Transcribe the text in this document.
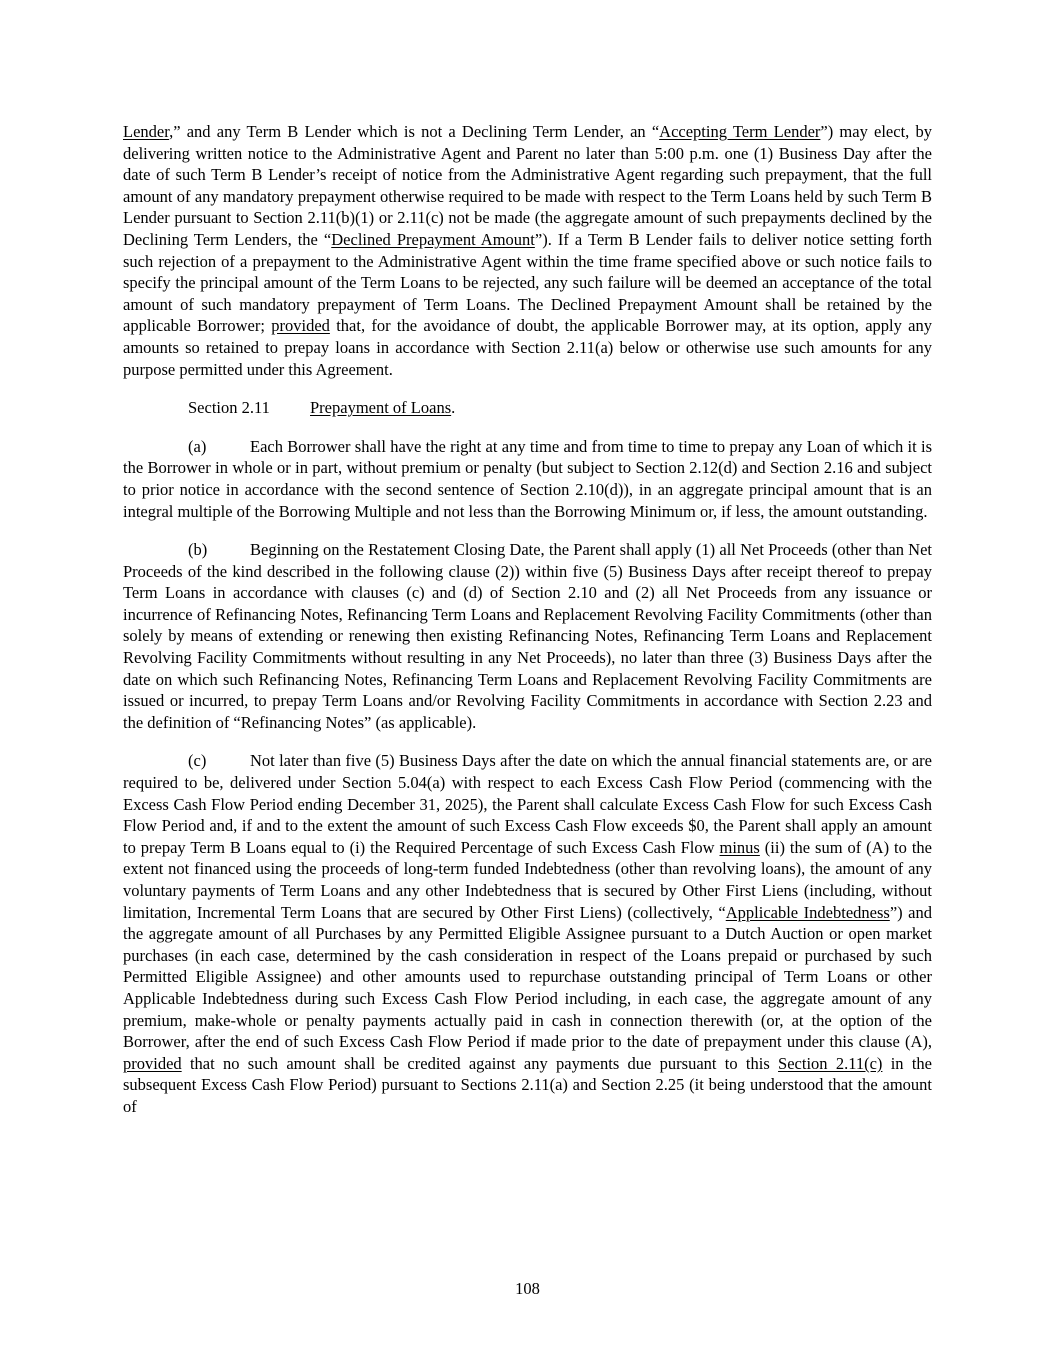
Lender,” and any Term B Lender which is not a Declining Term Lender, an “Accepting Term Lender”) may elect, by delivering written notice to the Administrative Agent and Parent no later than 5:00 p.m. one (1) Business Day after the date of such Term B Lender’s receipt of notice from the Administrative Agent regarding such prepayment, that the full amount of any mandatory prepayment otherwise required to be made with respect to the Term Loans held by such Term B Lender pursuant to Section 2.11(b)(1) or 2.11(c) not be made (the aggregate amount of such prepayments declined by the Declining Term Lenders, the “Declined Prepayment Amount”). If a Term B Lender fails to deliver notice setting forth such rejection of a prepayment to the Administrative Agent within the time frame specified above or such notice fails to specify the principal amount of the Term Loans to be rejected, any such failure will be deemed an acceptance of the total amount of such mandatory prepayment of Term Loans. The Declined Prepayment Amount shall be retained by the applicable Borrower; provided that, for the avoidance of doubt, the applicable Borrower may, at its option, apply any amounts so retained to prepay loans in accordance with Section 2.11(a) below or otherwise use such amounts for any purpose permitted under this Agreement.

Section 2.11 Prepayment of Loans.

(a)	Each Borrower shall have the right at any time and from time to time to prepay any Loan of which it is the Borrower in whole or in part, without premium or penalty (but subject to Section 2.12(d) and Section 2.16 and subject to prior notice in accordance with the second sentence of Section 2.10(d)), in an aggregate principal amount that is an integral multiple of the Borrowing Multiple and not less than the Borrowing Minimum or, if less, the amount outstanding.

(b)	Beginning on the Restatement Closing Date, the Parent shall apply (1) all Net Proceeds (other than Net Proceeds of the kind described in the following clause (2)) within five (5) Business Days after receipt thereof to prepay Term Loans in accordance with clauses (c) and (d) of Section 2.10 and (2) all Net Proceeds from any issuance or incurrence of Refinancing Notes, Refinancing Term Loans and Replacement Revolving Facility Commitments (other than solely by means of extending or renewing then existing Refinancing Notes, Refinancing Term Loans and Replacement Revolving Facility Commitments without resulting in any Net Proceeds), no later than three (3) Business Days after the date on which such Refinancing Notes, Refinancing Term Loans and Replacement Revolving Facility Commitments are issued or incurred, to prepay Term Loans and/or Revolving Facility Commitments in accordance with Section 2.23 and the definition of “Refinancing Notes” (as applicable).

(c)	Not later than five (5) Business Days after the date on which the annual financial statements are, or are required to be, delivered under Section 5.04(a) with respect to each Excess Cash Flow Period (commencing with the Excess Cash Flow Period ending December 31, 2025), the Parent shall calculate Excess Cash Flow for such Excess Cash Flow Period and, if and to the extent the amount of such Excess Cash Flow exceeds $0, the Parent shall apply an amount to prepay Term B Loans equal to (i) the Required Percentage of such Excess Cash Flow minus (ii) the sum of (A) to the extent not financed using the proceeds of long-term funded Indebtedness (other than revolving loans), the amount of any voluntary payments of Term Loans and any other Indebtedness that is secured by Other First Liens (including, without limitation, Incremental Term Loans that are secured by Other First Liens) (collectively, “Applicable Indebtedness”) and the aggregate amount of all Purchases by any Permitted Eligible Assignee pursuant to a Dutch Auction or open market purchases (in each case, determined by the cash consideration in respect of the Loans prepaid or purchased by such Permitted Eligible Assignee) and other amounts used to repurchase outstanding principal of Term Loans or other Applicable Indebtedness during such Excess Cash Flow Period including, in each case, the aggregate amount of any premium, make-whole or penalty payments actually paid in cash in connection therewith (or, at the option of the Borrower, after the end of such Excess Cash Flow Period if made prior to the date of prepayment under this clause (A), provided that no such amount shall be credited against any payments due pursuant to this Section 2.11(c) in the subsequent Excess Cash Flow Period) pursuant to Sections 2.11(a) and Section 2.25 (it being understood that the amount of

108
